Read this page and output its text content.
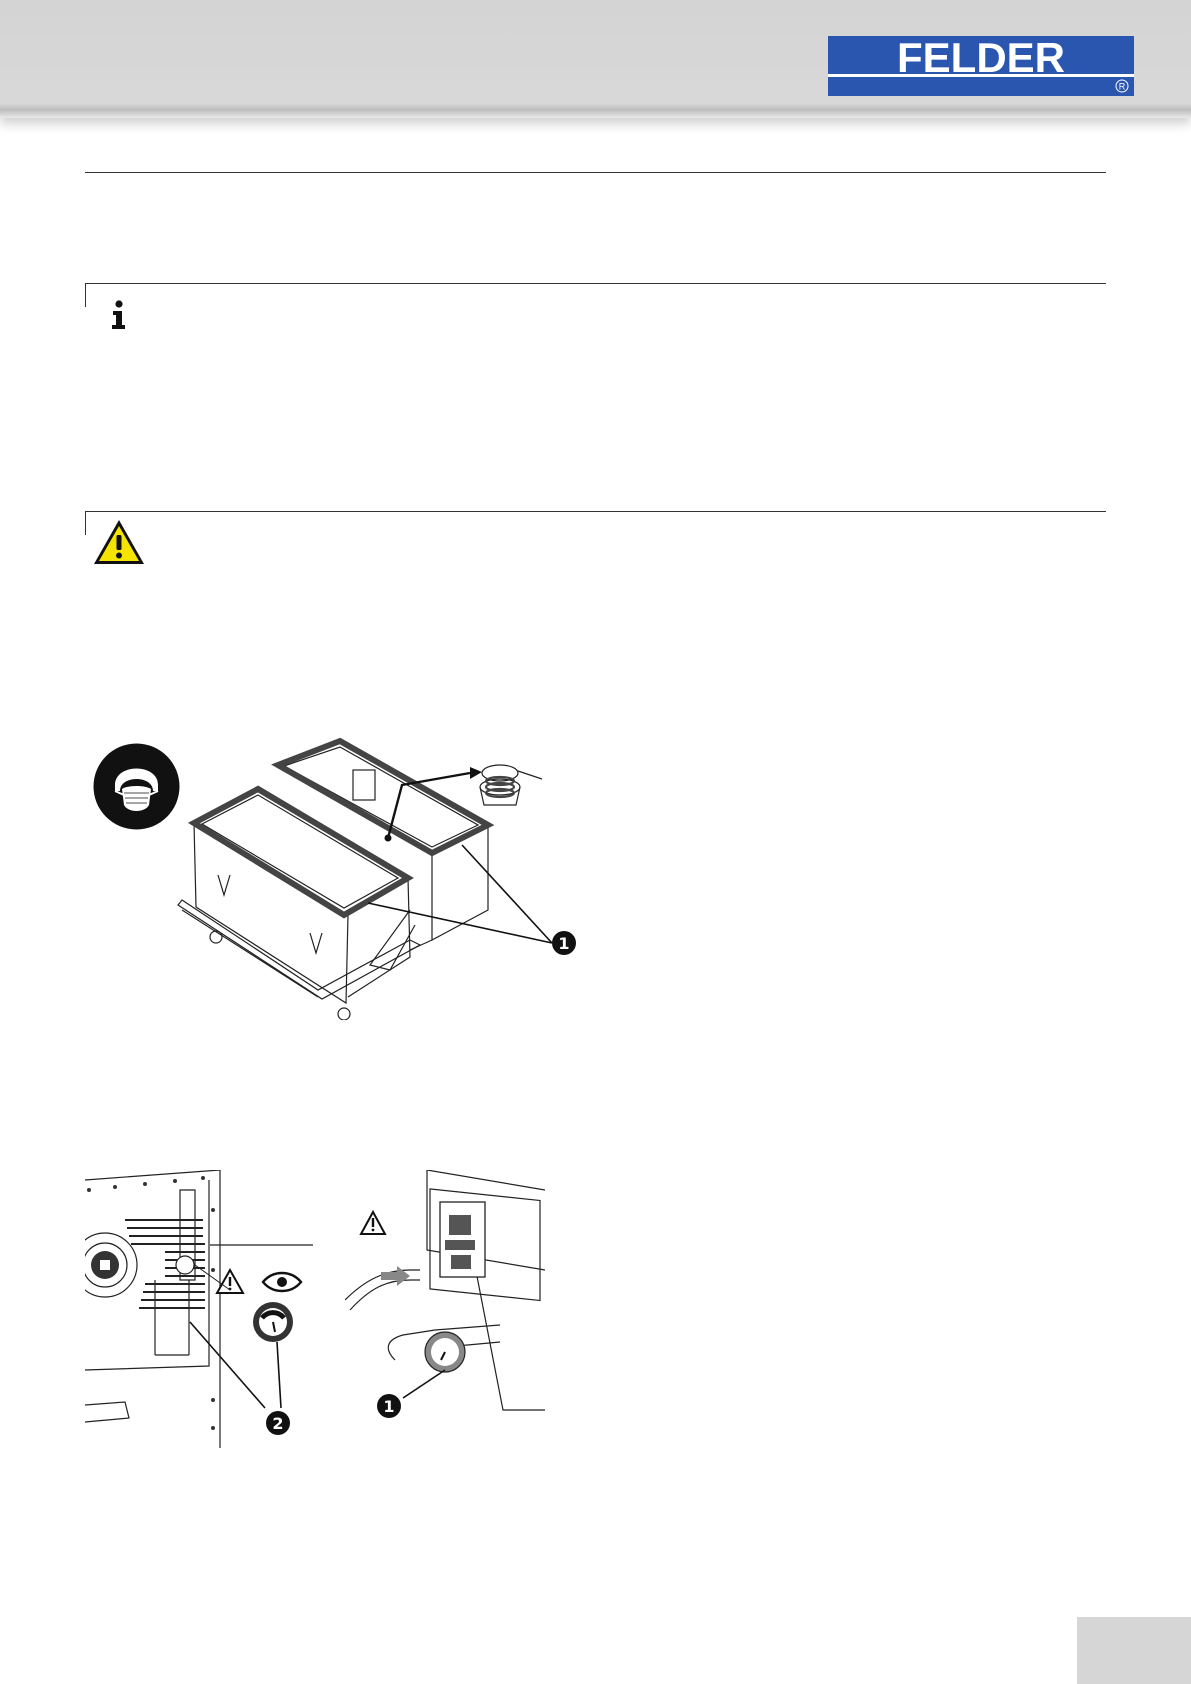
FELDER
R
1
2
1
